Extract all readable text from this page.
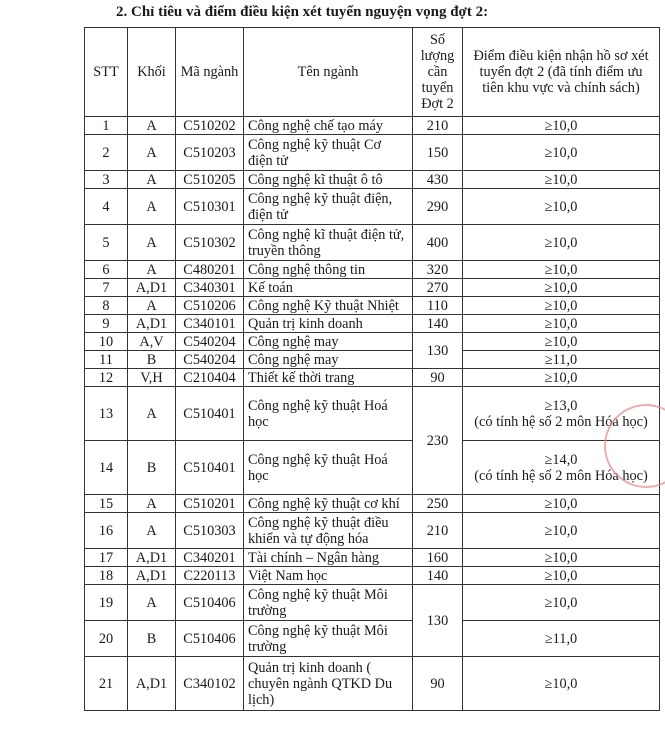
2. Chỉ tiêu và điểm điều kiện xét tuyển nguyện vọng đợt 2:
STT	Khối	Mã ngành	Tên ngành	Số lượng cần tuyển Đợt 2	Điểm điều kiện nhận hồ sơ xét tuyển đợt 2 (đã tính điểm ưu tiên khu vực và chính sách)
1	A	C510202	Công nghệ chế tạo máy	210	≥10,0
2	A	C510203	Công nghệ kỹ thuật Cơ điện tử	150	≥10,0
3	A	C510205	Công nghệ kĩ thuật ô tô	430	≥10,0
4	A	C510301	Công nghệ kỹ thuật điện, điện tử	290	≥10,0
5	A	C510302	Công nghệ kĩ thuật điện tử, truyền thông	400	≥10,0
6	A	C480201	Công nghệ thông tin	320	≥10,0
7	A,D1	C340301	Kế toán	270	≥10,0
8	A	C510206	Công nghệ Kỹ thuật Nhiệt	110	≥10,0
9	A,D1	C340101	Quản trị kinh doanh	140	≥10,0
10	A,V	C540204	Công nghệ may	130	≥10,0
11	B	C540204	Công nghệ may		≥11,0
12	V,H	C210404	Thiết kế thời trang	90	≥10,0
13	A	C510401	Công nghệ kỹ thuật Hoá học	230	≥13,0
(có tính hệ số 2 môn Hóa học)

14	B	C510401	Công nghệ kỹ thuật Hoá học		≥14,0
(có tính hệ số 2 môn Hóa học)

15	A	C510201	Công nghệ kỹ thuật cơ khí	250	≥10,0
16	A	C510303	Công nghệ kỹ thuật điều khiển và tự động hóa	210	≥10,0
17	A,D1	C340201	Tài chính – Ngân hàng	160	≥10,0
18	A,D1	C220113	Việt Nam học	140	≥10,0
19	A	C510406	Công nghệ kỹ thuật Môi trường	130	≥10,0
20	B	C510406	Công nghệ kỹ thuật Môi trường		≥11,0
21	A,D1	C340102	Quản trị kinh doanh ( chuyên ngành QTKD Du lịch)	90	≥10,0
